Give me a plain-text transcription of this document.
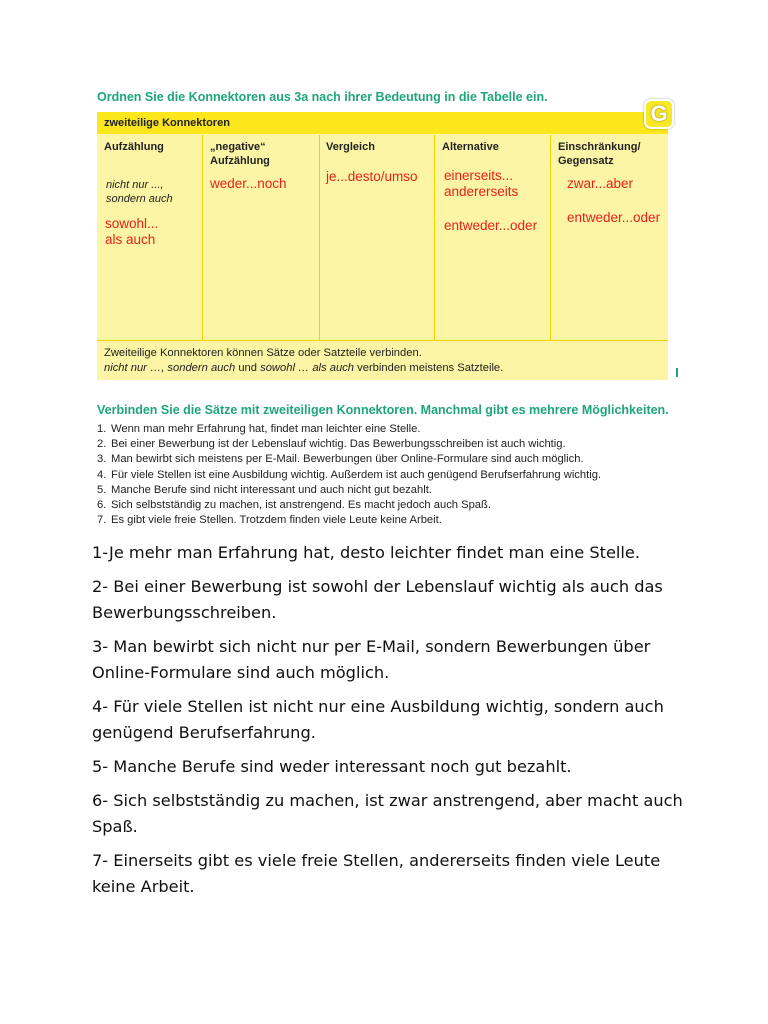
Ordnen Sie die Konnektoren aus 3a nach ihrer Bedeutung in die Tabelle ein.
zweiteilige Konnektoren
Aufzählung
nicht nur ...,
sondern auch
sowohl...
als auch
„negative“
Aufzählung
weder...noch
Vergleich
je...desto/umso
Alternative
einerseits...
andererseits
entweder...oder
Einschränkung/
Gegensatz
zwar...aber
entweder...oder
Zweiteilige Konnektoren können Sätze oder Satzteile verbinden.
nicht nur …, sondern auch und sowohl … als auch verbinden meistens Satzteile.
G
Verbinden Sie die Sätze mit zweiteiligen Konnektoren. Manchmal gibt es mehrere Möglichkeiten.
1. Wenn man mehr Erfahrung hat, findet man leichter eine Stelle.
2. Bei einer Bewerbung ist der Lebenslauf wichtig. Das Bewerbungsschreiben ist auch wichtig.
3. Man bewirbt sich meistens per E-Mail. Bewerbungen über Online-Formulare sind auch möglich.
4. Für viele Stellen ist eine Ausbildung wichtig. Außerdem ist auch genügend Berufserfahrung wichtig.
5. Manche Berufe sind nicht interessant und auch nicht gut bezahlt.
6. Sich selbstständig zu machen, ist anstrengend. Es macht jedoch auch Spaß.
7. Es gibt viele freie Stellen. Trotzdem finden viele Leute keine Arbeit.

1-Je mehr man Erfahrung hat, desto leichter findet man eine Stelle.

2- Bei einer Bewerbung ist sowohl der Lebenslauf wichtig als auch das Bewerbungsschreiben.

3- Man bewirbt sich nicht nur per E-Mail, sondern Bewerbungen über Online-Formulare sind auch möglich.

4- Für viele Stellen ist nicht nur eine Ausbildung wichtig, sondern auch genügend Berufserfahrung.

5- Manche Berufe sind weder interessant noch gut bezahlt.

6- Sich selbstständig zu machen, ist zwar anstrengend, aber macht auch Spaß.

7- Einerseits gibt es viele freie Stellen, andererseits finden viele Leute keine Arbeit.
